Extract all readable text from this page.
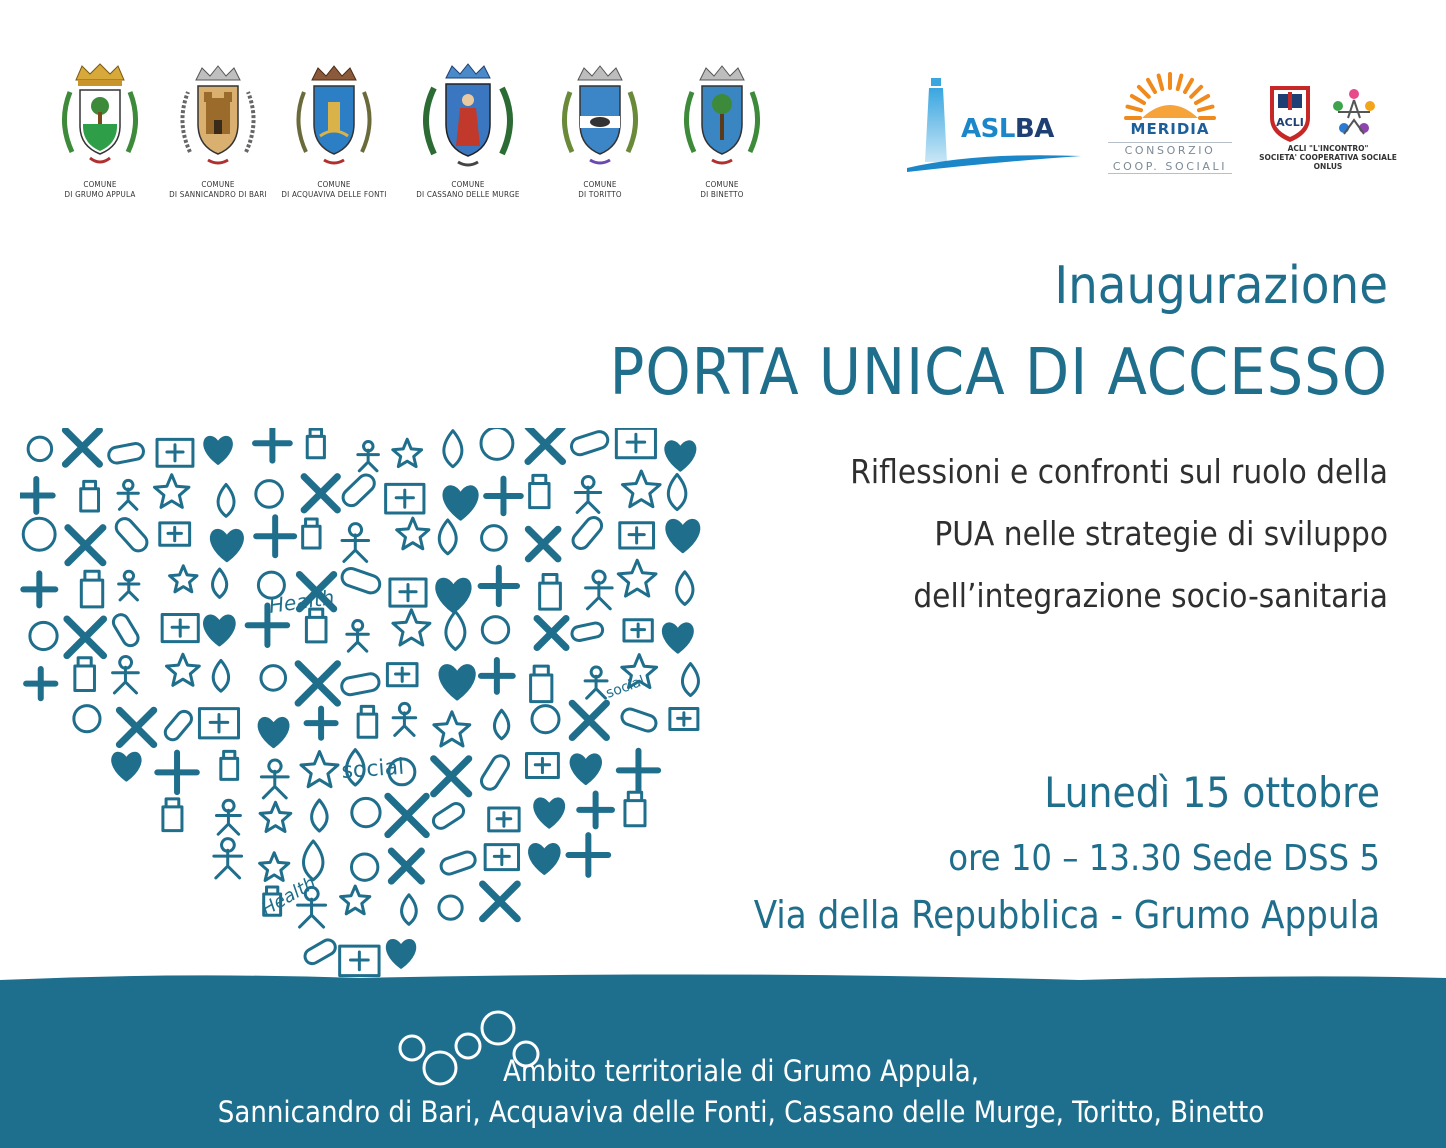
COMUNE
DI GRUMO APPULA
COMUNE
DI SANNICANDRO DI BARI
COMUNE
DI ACQUAVIVA DELLE FONTI
COMUNE
DI CASSANO DELLE MURGE
COMUNE
DI TORITTO
COMUNE
DI BINETTO
ASLBA	MERIDIA
CONSORZIO
COOP. SOCIALI
ACLI
ACLI "L'INCONTRO"
SOCIETA' COOPERATIVA SOCIALE
ONLUS
Inaugurazione
PORTA UNICA DI ACCESSO
Riflessioni e confronti sul ruolo della
PUA nelle strategie di sviluppo
dell’integrazione socio-sanitaria
Lunedì 15 ottobre
ore 10 – 13.30 Sede DSS 5
Via della Repubblica - Grumo Appula
Health
social
social
Health
Ambito territoriale di Grumo Appula,
Sannicandro di Bari, Acquaviva delle Fonti, Cassano delle Murge, Toritto, Binetto
